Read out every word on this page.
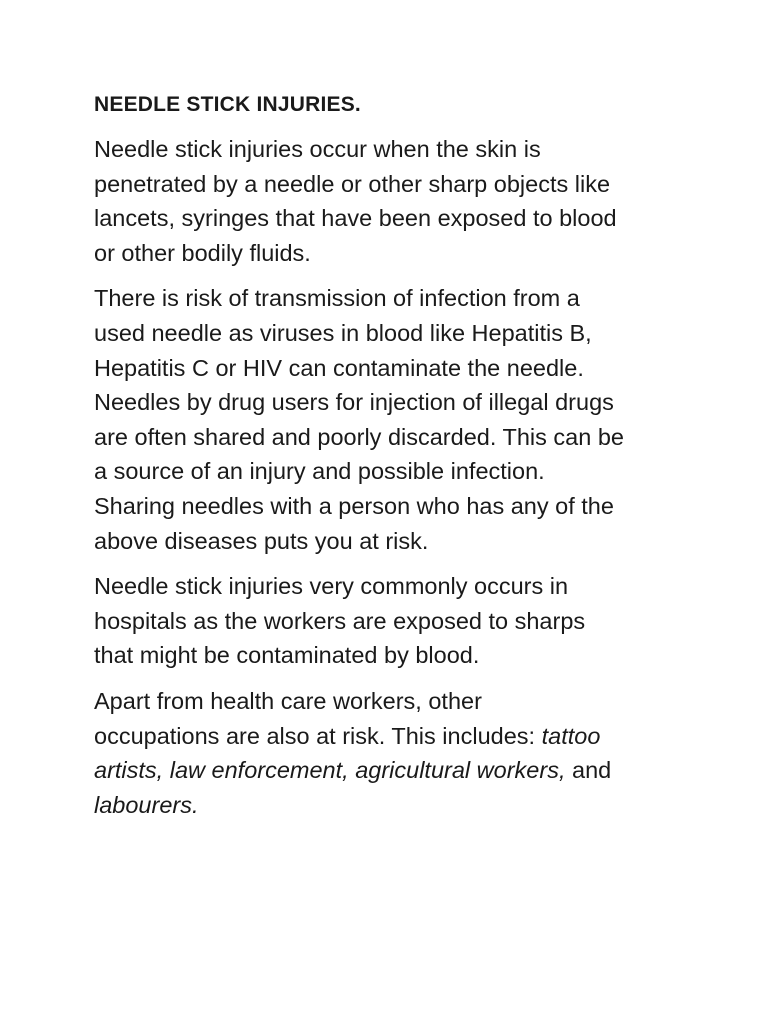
NEEDLE STICK INJURIES.
Needle stick injuries occur when the skin is
penetrated by a needle or other sharp objects like
lancets, syringes that have been exposed to blood
or other bodily fluids.
There is risk of transmission of infection from a
used needle as viruses in blood like Hepatitis B,
Hepatitis C or HIV can contaminate the needle.
Needles by drug users for injection of illegal drugs
are often shared and poorly discarded. This can be
a source of an injury and possible infection.
Sharing needles with a person who has any of the
above diseases puts you at risk.
Needle stick injuries very commonly occurs in
hospitals as the workers are exposed to sharps
that might be contaminated by blood.
Apart from health care workers, other
occupations are also at risk. This includes: tattoo
artists, law enforcement, agricultural workers, and
labourers.
